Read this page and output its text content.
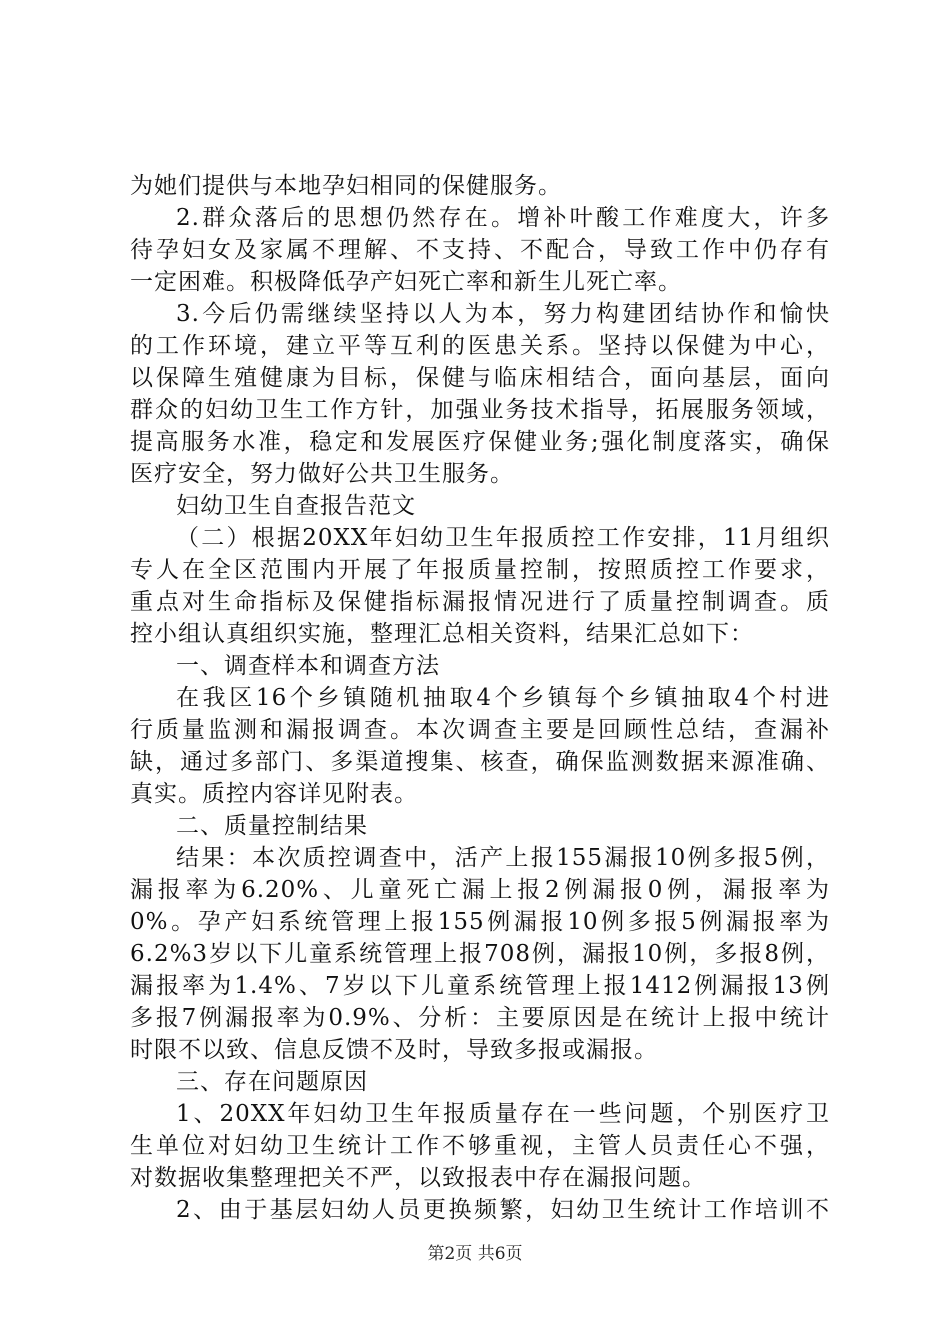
为她们提供与本地孕妇相同的保健服务。
2.群众落后的思想仍然存在。增补叶酸工作难度大，许多
待孕妇女及家属不理解、不支持、不配合，导致工作中仍存有
一定困难。积极降低孕产妇死亡率和新生儿死亡率。
3.今后仍需继续坚持以人为本，努力构建团结协作和愉快
的工作环境，建立平等互利的医患关系。坚持以保健为中心，
以保障生殖健康为目标，保健与临床相结合，面向基层，面向
群众的妇幼卫生工作方针，加强业务技术指导，拓展服务领域，
提高服务水准，稳定和发展医疗保健业务;强化制度落实，确保
医疗安全，努力做好公共卫生服务。
妇幼卫生自查报告范文
（二）根据20XX年妇幼卫生年报质控工作安排，11月组织
专人在全区范围内开展了年报质量控制，按照质控工作要求，
重点对生命指标及保健指标漏报情况进行了质量控制调查。质
控小组认真组织实施，整理汇总相关资料，结果汇总如下：
一、调查样本和调查方法
在我区16个乡镇随机抽取4个乡镇每个乡镇抽取4个村进
行质量监测和漏报调查。本次调查主要是回顾性总结，查漏补
缺，通过多部门、多渠道搜集、核查，确保监测数据来源准确、
真实。质控内容详见附表。
二、质量控制结果
结果：本次质控调查中，活产上报155漏报10例多报5例，
漏报率为6.20%、儿童死亡漏上报2例漏报0例，漏报率为
0%。孕产妇系统管理上报155例漏报10例多报5例漏报率为
6.2%3岁以下儿童系统管理上报708例，漏报10例，多报8例，
漏报率为1.4%、7岁以下儿童系统管理上报1412例漏报13例
多报7例漏报率为0.9%、分析：主要原因是在统计上报中统计
时限不以致、信息反馈不及时，导致多报或漏报。
三、存在问题原因
1、20XX年妇幼卫生年报质量存在一些问题，个别医疗卫
生单位对妇幼卫生统计工作不够重视，主管人员责任心不强，
对数据收集整理把关不严，以致报表中存在漏报问题。
2、由于基层妇幼人员更换频繁，妇幼卫生统计工作培训不
第2页 共6页
